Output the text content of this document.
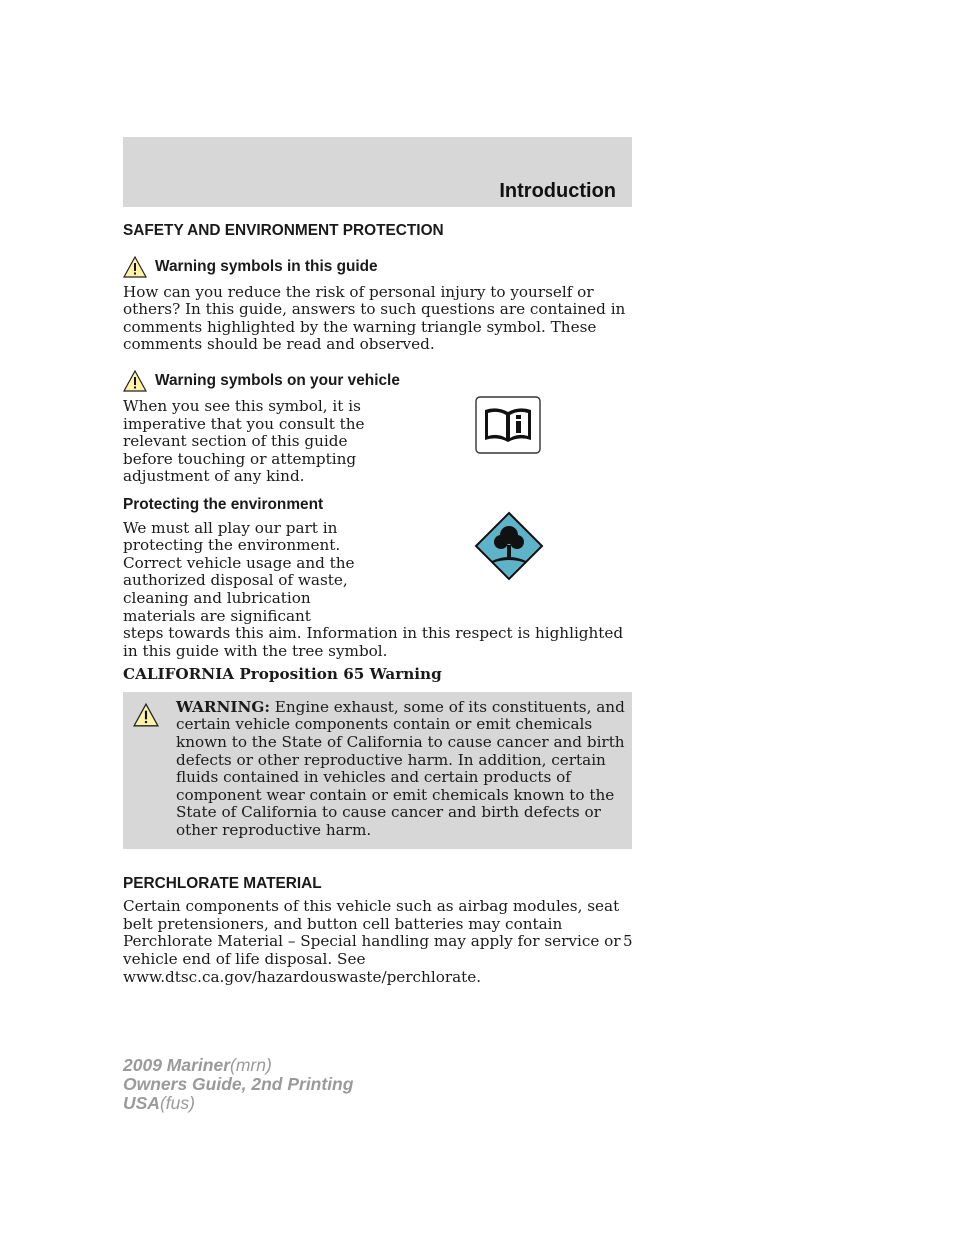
Introduction

SAFETY AND ENVIRONMENT PROTECTION

Warning symbols in this guide

How can you reduce the risk of personal injury to yourself or others? In this guide, answers to such questions are contained in comments highlighted by the warning triangle symbol. These comments should be read and observed.

Warning symbols on your vehicle

When you see this symbol, it is imperative that you consult the relevant section of this guide before touching or attempting adjustment of any kind.

Protecting the environment

We must all play our part in protecting the environment. Correct vehicle usage and the authorized disposal of waste, cleaning and lubrication materials are significant

steps towards this aim. Information in this respect is highlighted in this guide with the tree symbol.

CALIFORNIA Proposition 65 Warning

WARNING: Engine exhaust, some of its constituents, and certain vehicle components contain or emit chemicals known to the State of California to cause cancer and birth defects or other reproductive harm. In addition, certain fluids contained in vehicles and certain products of component wear contain or emit chemicals known to the State of California to cause cancer and birth defects or other reproductive harm.

PERCHLORATE MATERIAL

Certain components of this vehicle such as airbag modules, seat belt pretensioners, and button cell batteries may contain Perchlorate Material – Special handling may apply for service or vehicle end of life disposal. See www.dtsc.ca.gov/hazardouswaste/perchlorate.

5
2009 Mariner(mrn)
Owners Guide, 2nd Printing
USA(fus)
